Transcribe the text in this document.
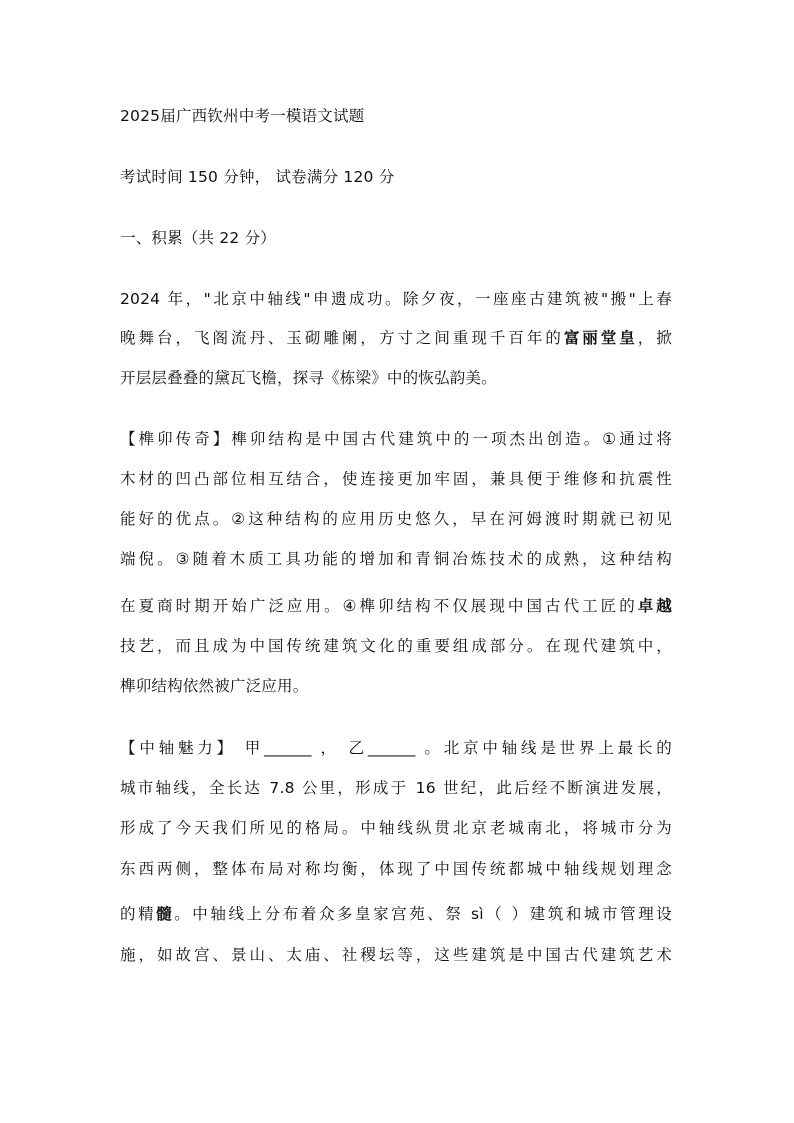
2025届广西钦州中考一模语文试题
考试时间 150 分钟， 试卷满分 120 分
一、积累（共 22 分）
2024 年，"北京中轴线"申遗成功。除夕夜，一座座古建筑被"搬"上春
晚舞台，飞阁流丹、玉砌雕阑，方寸之间重现千百年的富丽堂皇，掀
开层层叠叠的黛瓦飞檐，探寻《栋梁》中的恢弘韵美。
【榫卯传奇】榫卯结构是中国古代建筑中的一项杰出创造。①通过将
木材的凹凸部位相互结合，使连接更加牢固，兼具便于维修和抗震性
能好的优点。②这种结构的应用历史悠久，早在河姆渡时期就已初见
端倪。③随着木质工具功能的增加和青铜冶炼技术的成熟，这种结构
在夏商时期开始广泛应用。④榫卯结构不仅展现中国古代工匠的卓越
技艺，而且成为中国传统建筑文化的重要组成部分。在现代建筑中，
榫卯结构依然被广泛应用。
【中轴魅力】 甲______ ， 乙______ 。北京中轴线是世界上最长的
城市轴线，全长达 7.8 公里，形成于 16 世纪，此后经不断演进发展，
形成了今天我们所见的格局。中轴线纵贯北京老城南北，将城市分为
东西两侧，整体布局对称均衡，体现了中国传统都城中轴线规划理念
的精髓。中轴线上分布着众多皇家宫苑、祭 sì（ ）建筑和城市管理设
施，如故宫、景山、太庙、社稷坛等，这些建筑是中国古代建筑艺术
